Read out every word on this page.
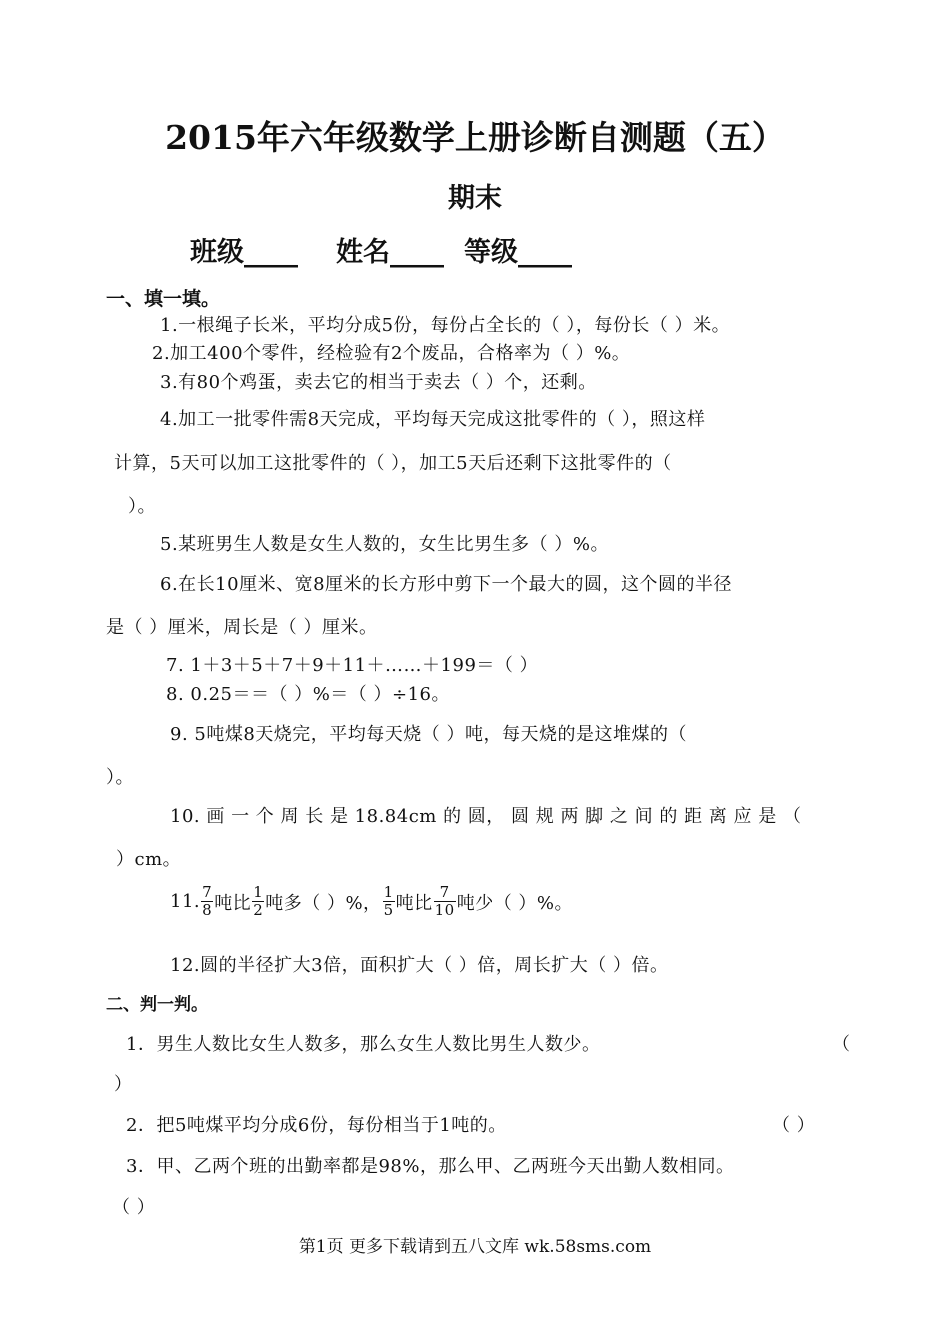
2015年六年级数学上册诊断自测题（五）
期末
班级____ 姓名____ 等级____
一、填一填。
1.一根绳子长米，平均分成5份，每份占全长的（ ），每份长（ ）米。
2.加工400个零件，经检验有2个废品，合格率为（ ）%。
3.有80个鸡蛋，卖去它的相当于卖去（ ）个，还剩。
4.加工一批零件需8天完成，平均每天完成这批零件的（ ），照这样
计算，5天可以加工这批零件的（ ），加工5天后还剩下这批零件的（
）。
5.某班男生人数是女生人数的，女生比男生多（ ）%。
6.在长10厘米、宽8厘米的长方形中剪下一个最大的圆，这个圆的半径
是（ ）厘米，周长是（ ）厘米。
7. 1＋3＋5＋7＋9＋11＋……＋199＝（ ）
8. 0.25＝＝（ ）%＝（ ）÷16。
9. 5吨煤8天烧完，平均每天烧（ ）吨，每天烧的是这堆煤的（
）。
10. 画 一 个 周 长 是 18.84cm 的 圆， 圆 规 两 脚 之 间 的 距 离 应 是 （
）cm。
11. $\frac{7}{8}$ 吨比 $\frac{1}{2}$ 吨多（ ）%， $\frac{1}{5}$ 吨比 $\frac{7}{10}$ 吨少（ ）%。
12.圆的半径扩大3倍，面积扩大（ ）倍，周长扩大（ ）倍。
二、判一判。
1．男生人数比女生人数多，那么女生人数比男生人数少。	（
）
2．把5吨煤平均分成6份，每份相当于1吨的。	（ ）
3．甲、乙两个班的出勤率都是98%，那么甲、乙两班今天出勤人数相同。
（ ）
第1页 更多下载请到五八文库 wk.58sms.com
